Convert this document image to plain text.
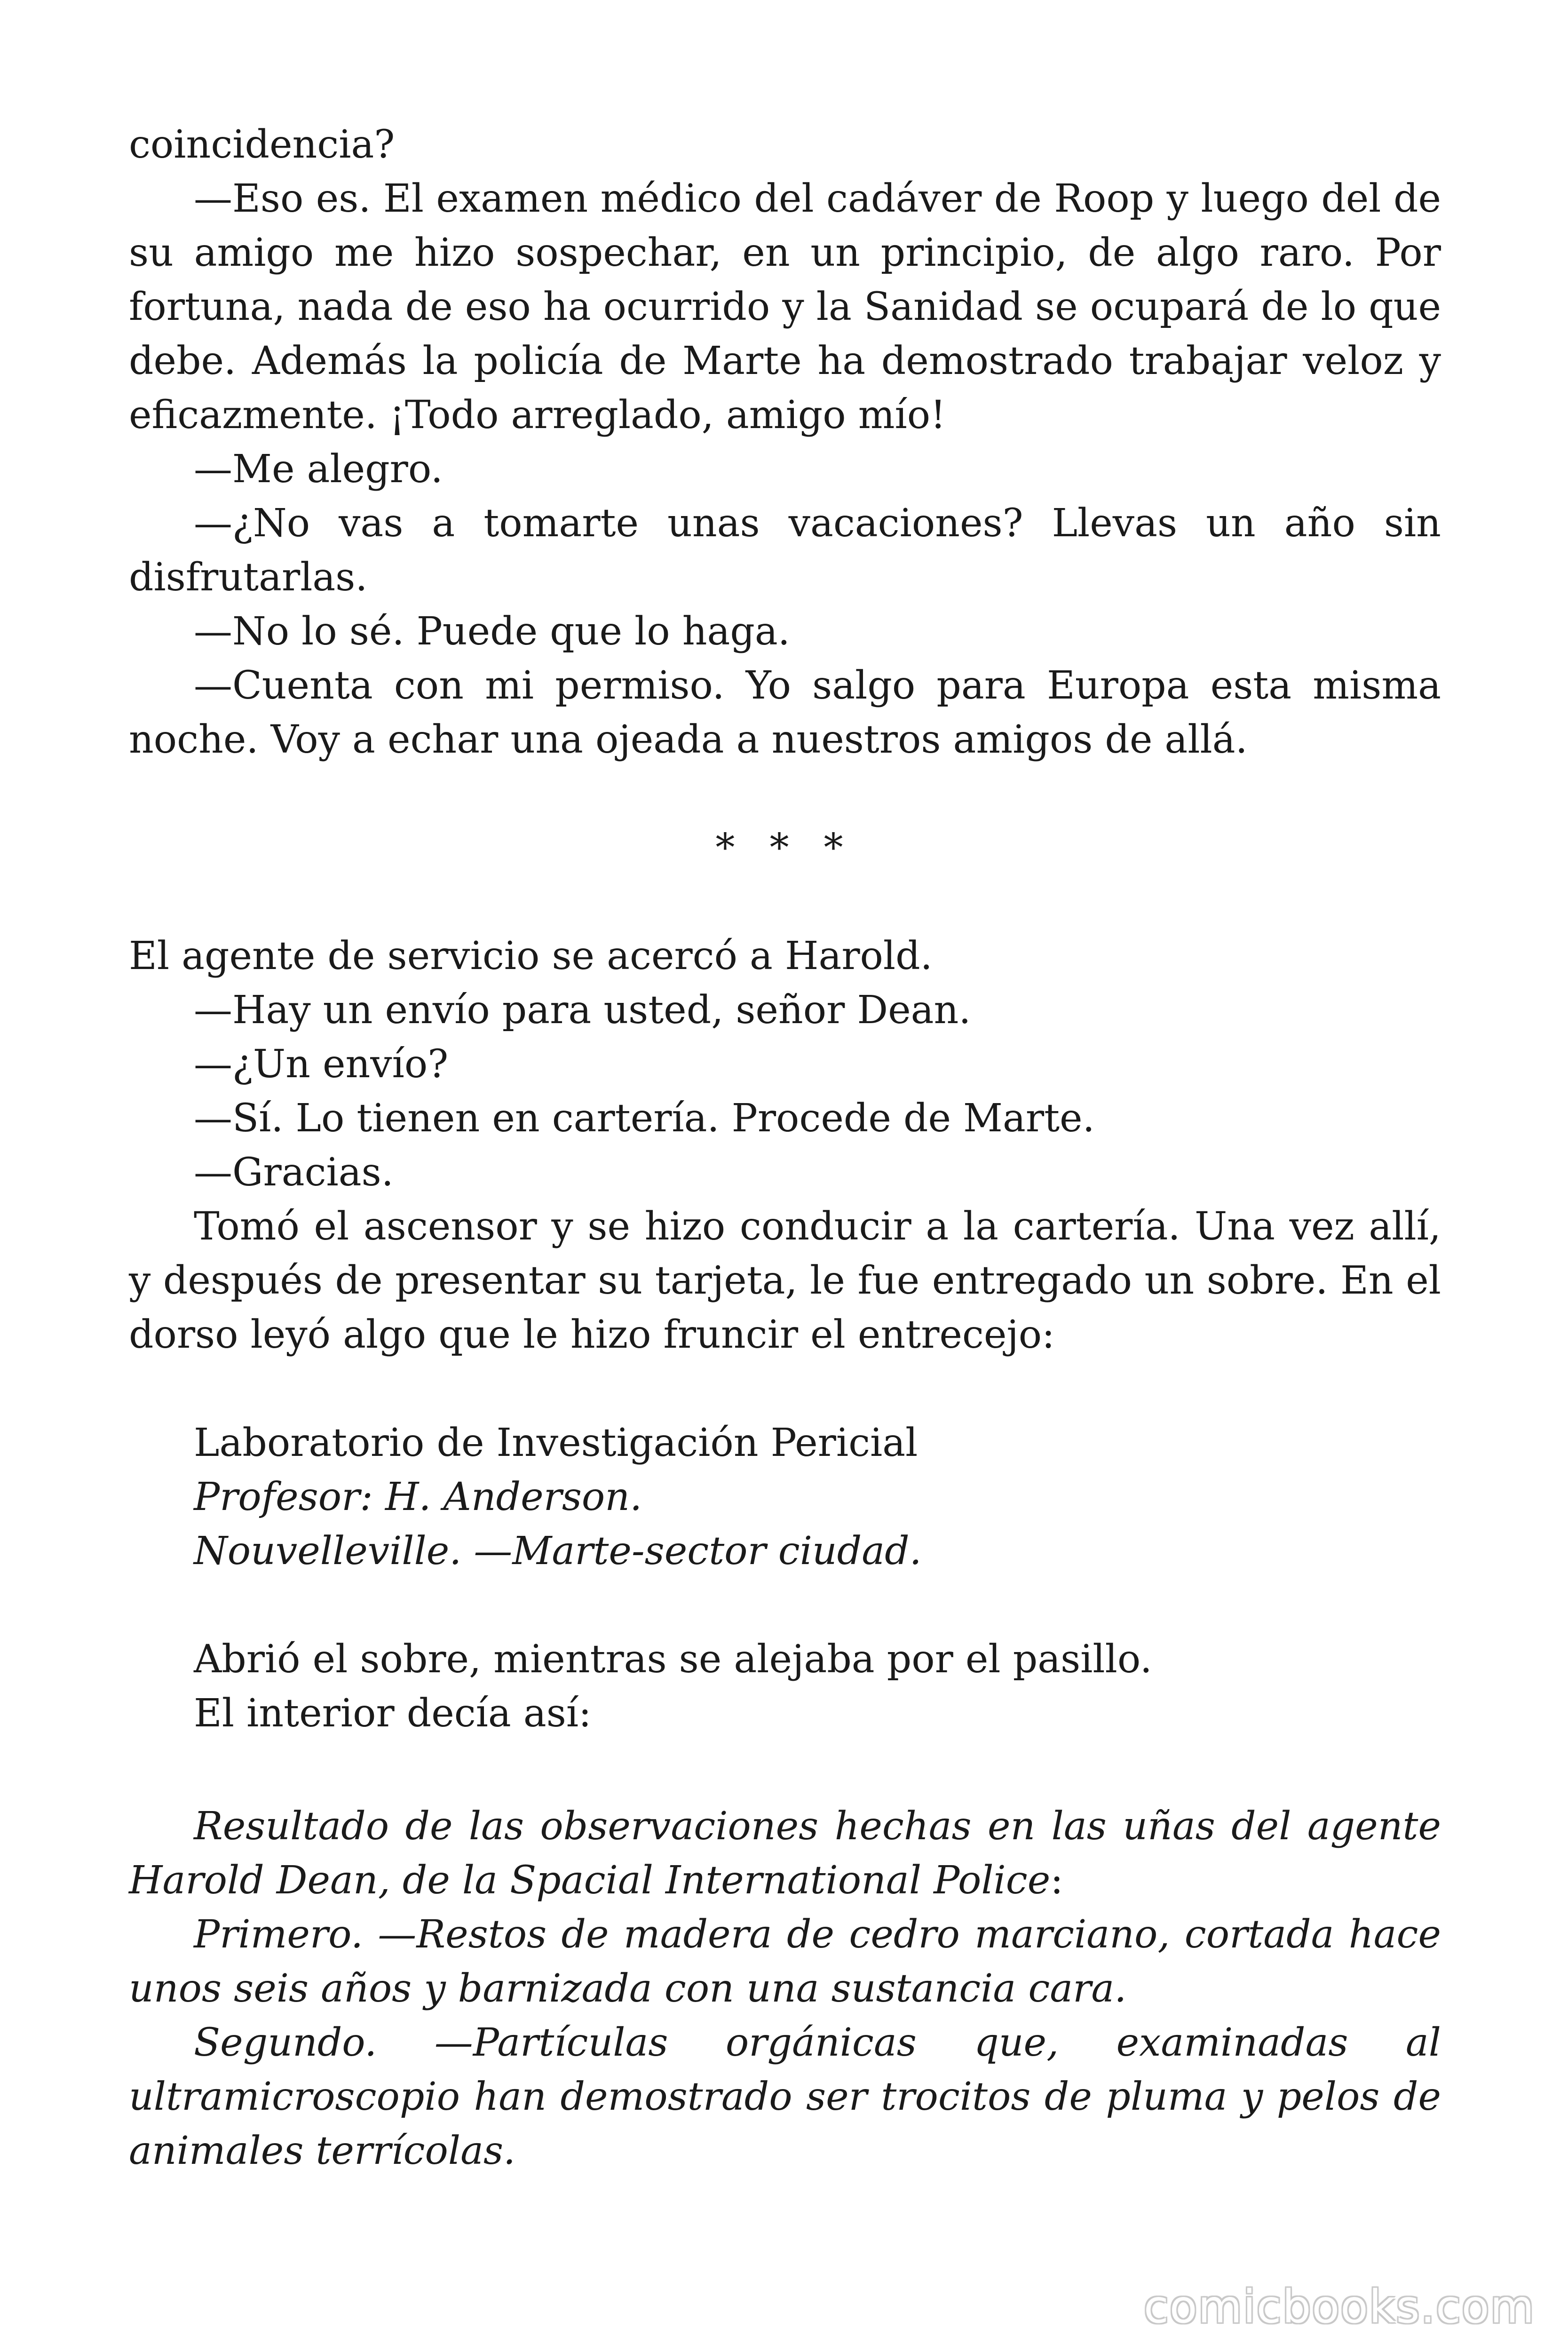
coincidencia?

—Eso es. El examen médico del cadáver de Roop y luego del de su amigo me hizo sospechar, en un principio, de algo raro. Por fortuna, nada de eso ha ocurrido y la Sanidad se ocupará de lo que debe. Además la policía de Marte ha demostrado trabajar veloz y eficazmente. ¡Todo arreglado, amigo mío!

—Me alegro.

—¿No vas a tomarte unas vacaciones? Llevas un año sin disfrutarlas.

—No lo sé. Puede que lo haga.

—Cuenta con mi permiso. Yo salgo para Europa esta misma noche. Voy a echar una ojeada a nuestros amigos de allá.

* * *

El agente de servicio se acercó a Harold.

—Hay un envío para usted, señor Dean.

—¿Un envío?

—Sí. Lo tienen en cartería. Procede de Marte.

—Gracias.

Tomó el ascensor y se hizo conducir a la cartería. Una vez allí, y después de presentar su tarjeta, le fue entregado un sobre. En el dorso leyó algo que le hizo fruncir el entrecejo:

Laboratorio de Investigación Pericial

Profesor: H. Anderson.

Nouvelleville. —Marte-sector ciudad.

Abrió el sobre, mientras se alejaba por el pasillo.

El interior decía así:

Resultado de las observaciones hechas en las uñas del agente Harold Dean, de la Spacial International Police:

Primero. —Restos de madera de cedro marciano, cortada hace unos seis años y barnizada con una sustancia cara.

Segundo. —Partículas orgánicas que, examinadas al ultramicroscopio han demostrado ser trocitos de pluma y pelos de animales terrícolas.

comicbooks.com
